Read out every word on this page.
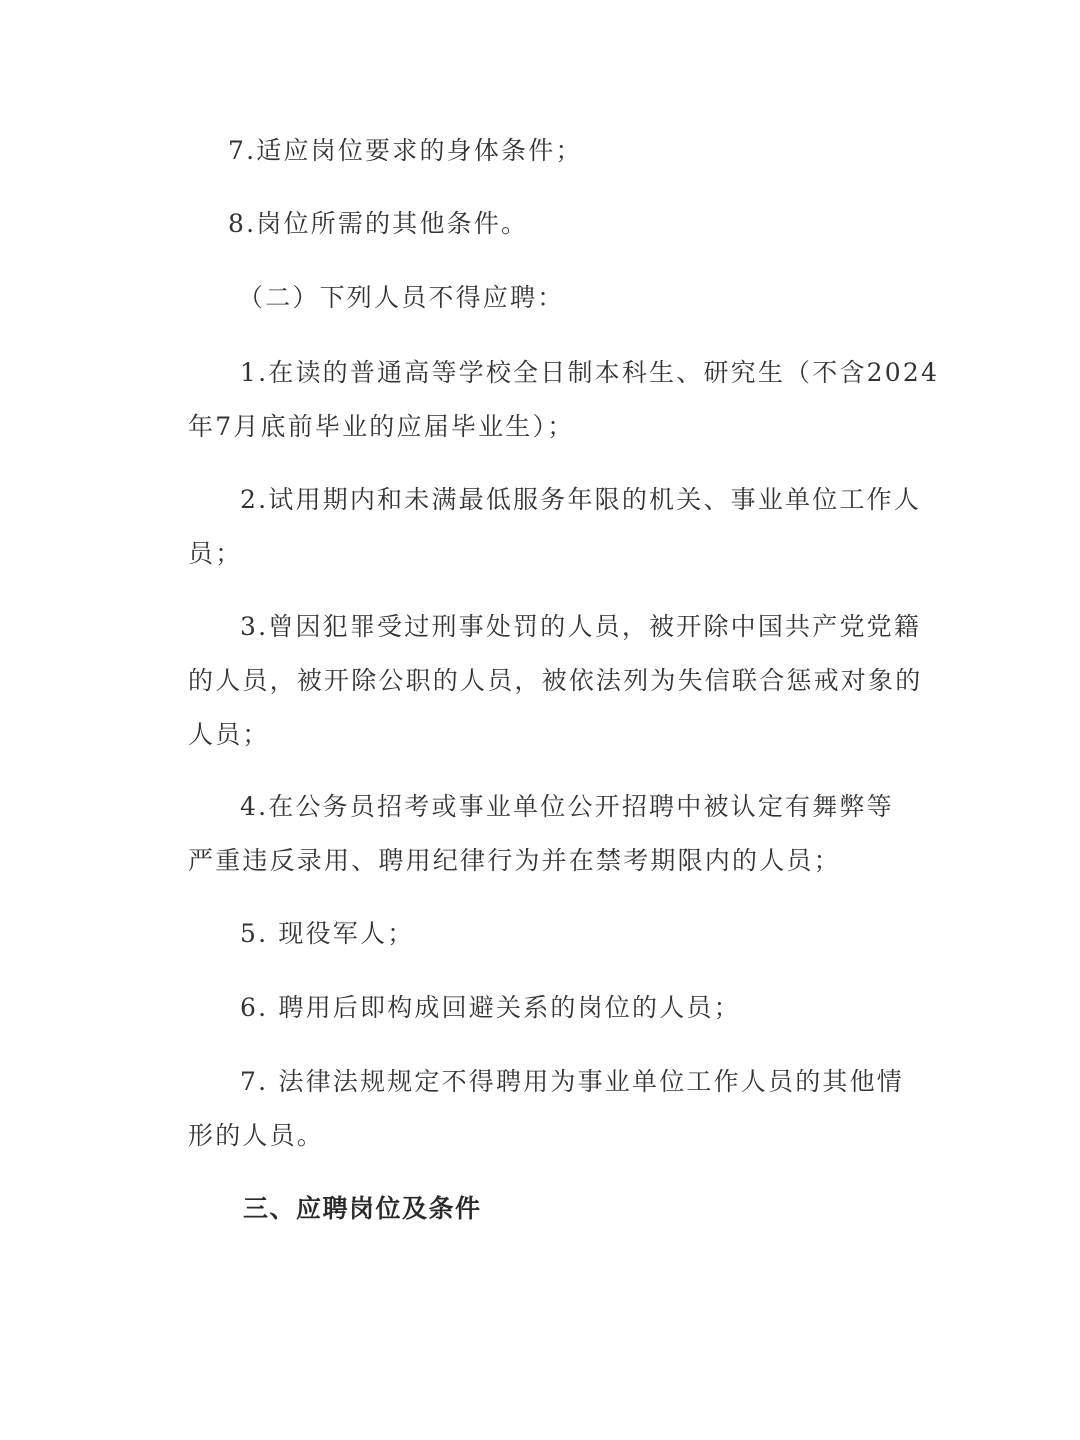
7.适应岗位要求的身体条件；

8.岗位所需的其他条件。

（二）下列人员不得应聘：

1.在读的普通高等学校全日制本科生、研究生（不含2024
年7月底前毕业的应届毕业生）；

2.试用期内和未满最低服务年限的机关、事业单位工作人
员；

3.曾因犯罪受过刑事处罚的人员，被开除中国共产党党籍
的人员，被开除公职的人员，被依法列为失信联合惩戒对象的
人员；

4.在公务员招考或事业单位公开招聘中被认定有舞弊等
严重违反录用、聘用纪律行为并在禁考期限内的人员；

5. 现役军人；

6. 聘用后即构成回避关系的岗位的人员；

7. 法律法规规定不得聘用为事业单位工作人员的其他情
形的人员。

三、应聘岗位及条件
